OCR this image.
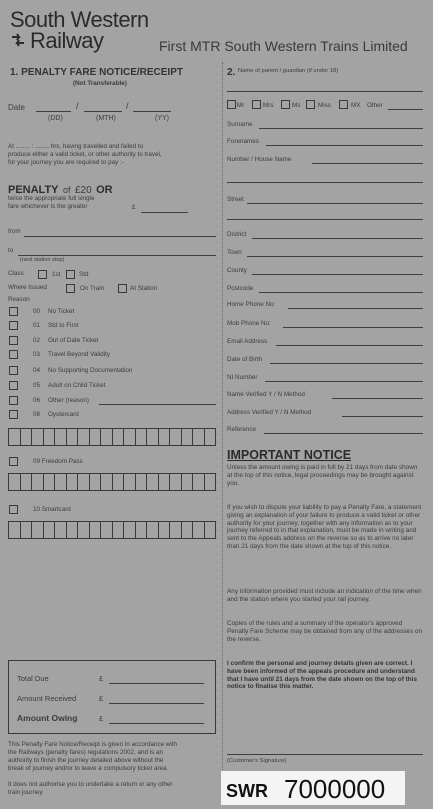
South Western
Railway	First MTR South Western Trains Limited
1. PENALTY FARE NOTICE/RECEIPT
(Not Transferable)
Date	/	/
(DD)	(MTH)	(YY)
At ........ : ........ hrs, having travelled and failed to
produce either a valid ticket, or other authority to travel,
for your journey you are required to pay :-
PENALTY of £20 OR
twice the appropriate full single
fare whichever is the greater	£
from
to
(next station stop)
Class	1st	Std
Where Issued	On Train	At Station
Reason
00 No Ticket
01 Std to First
02 Out of Date Ticket
03 Travel Beyond Validity
04 No Supporting Documentation
05 Adult on Child Ticket
06 Other (reason)
08 Oystercard
09 Freedom Pass
10 Smartcard
Total Due	£
Amount Received	£
Amount Owing	£
This Penalty Fare Notice/Receipt is given in accordance with
the Railways (penalty fares) regulations 2002, and is an
authority to finish the journey detailed above without the
break of journey and/or to leave a compulsory ticket area.
It does not authorise you to undertake a return or any other
train journey.
2. Name of parent / guardian (if under 18)
Mr	Mrs	Ms	Miss	MX Other
Surname
Forenames
Number / House Name
Street
District
Town
County
Postcode
Home Phone No:
Mob Phone No:
Email Address
Date of Birth
NI Number
Name Verified Y / N Method
Address Verified Y / N Method
Reference
IMPORTANT NOTICE
Unless the amount owing is paid in full by 21 days from date shown at the top of this notice, legal proceedings may be brought against you.
If you wish to dispute your liability to pay a Penalty Fare, a statement giving an explanation of your failure to produce a valid ticket or other authority for your journey, together with any information as to your journey referred to in that explanation, must be made in writing and sent to the Appeals address on the reverse so as to arrive no later than 21 days from the date shown at the top of this notice.
Any information provided must include an indication of the time when and the station where you started your rail journey.
Copies of the rules and a summary of the operator's approved Penalty Fare Scheme may be obtained from any of the addresses on the reverse.
I confirm the personal and journey details given are correct. I have been informed of the appeals procedure and understand that I have until 21 days from the date shown on the top of this notice to finalise this matter.
(Customer's Signature)
SWR 7000000
